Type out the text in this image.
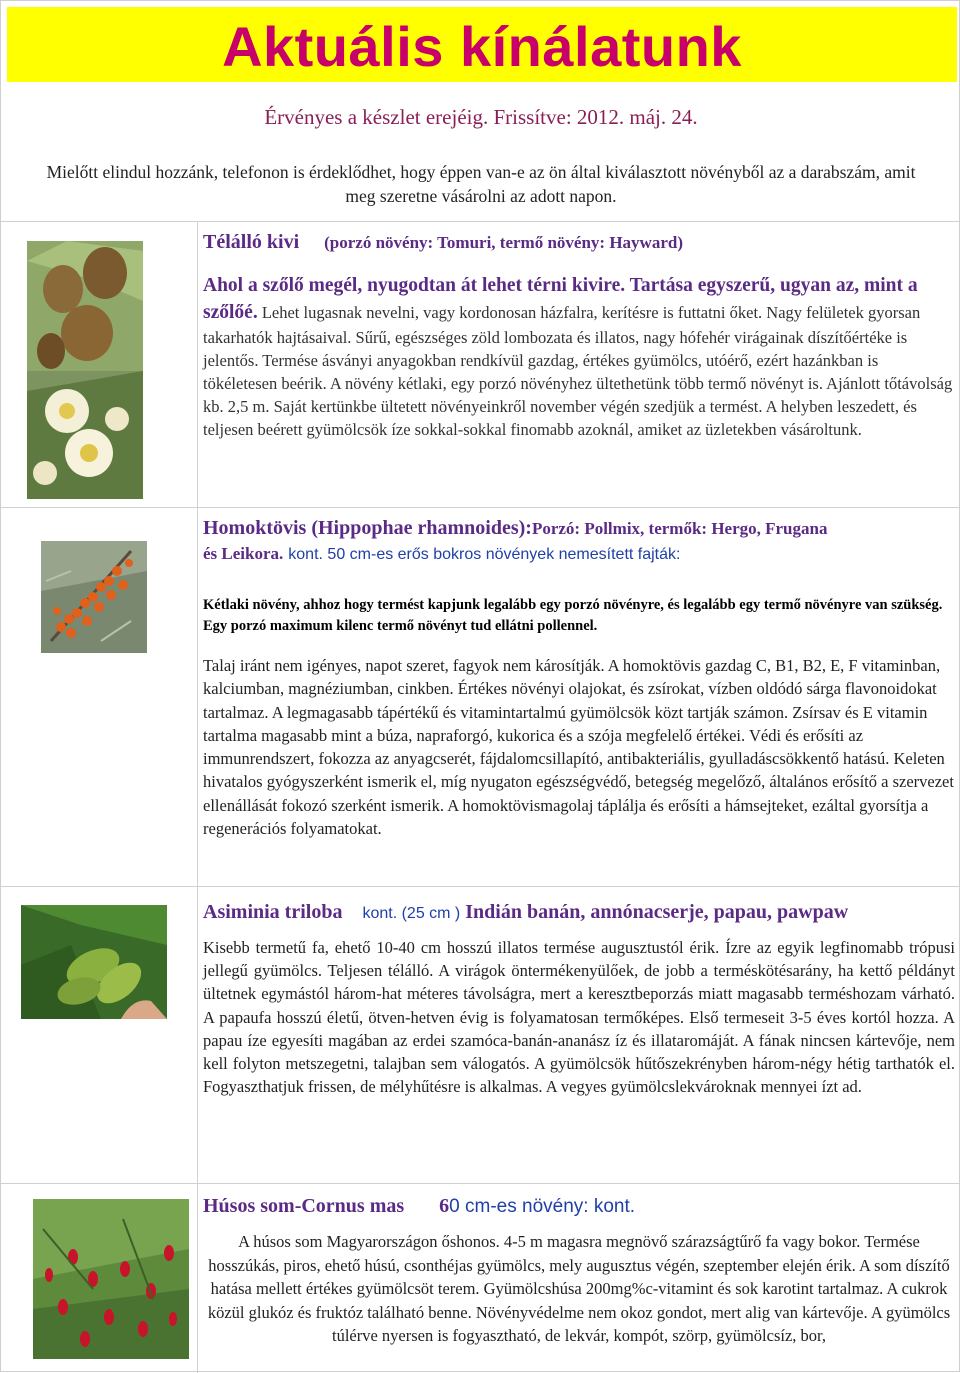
Aktuális kínálatunk
Érvényes a készlet erejéig. Frissítve: 2012. máj. 24.
Mielőtt elindul hozzánk, telefonon is érdeklődhet, hogy éppen van-e az ön által kiválasztott növényből az a darabszám, amit meg szeretne vásárolni az adott napon.
Télálló kivi (porzó növény: Tomuri, termő növény: Hayward)
Ahol a szőlő megél, nyugodtan át lehet térni kivire. Tartása egyszerű, ugyan az, mint a szőlőé. Lehet lugasnak nevelni, vagy kordonosan házfalra, kerítésre is futtatni őket. Nagy felületek gyorsan takarhatók hajtásaival. Sűrű, egészséges zöld lombozata és illatos, nagy hófehér virágainak díszítőértéke is jelentős. Termése ásványi anyagokban rendkívül gazdag, értékes gyümölcs, utóérő, ezért hazánkban is tökéletesen beérik. A növény kétlaki, egy porzó növényhez ültethetünk több termő növényt is. Ajánlott tőtávolság kb. 2,5 m. Saját kertünkbe ültetett növényeinkről november végén szedjük a termést. A helyben leszedett, és teljesen beérett gyümölcsök íze sokkal-sokkal finomabb azoknál, amiket az üzletekben vásároltunk.
Homoktövis (Hippophae rhamnoides):Porzó: Pollmix, termők: Hergo, Frugana
és Leikora. kont. 50 cm-es erős bokros növények nemesített fajták:
Kétlaki növény, ahhoz hogy termést kapjunk legalább egy porzó növényre, és legalább egy termő növényre van szükség. Egy porzó maximum kilenc termő növényt tud ellátni pollennel.
Talaj iránt nem igényes, napot szeret, fagyok nem károsítják. A homoktövis gazdag C, B1, B2, E, F vitaminban, kalciumban, magnéziumban, cinkben. Értékes növényi olajokat, és zsírokat, vízben oldódó sárga flavonoidokat tartalmaz. A legmagasabb tápértékű és vitamintartalmú gyümölcsök közt tartják számon. Zsírsav és E vitamin tartalma magasabb mint a búza, napraforgó, kukorica és a szója megfelelő értékei. Védi és erősíti az immunrendszert, fokozza az anyagcserét, fájdalomcsillapító, antibakteriális, gyulladáscsökkentő hatású. Keleten hivatalos gyógyszerként ismerik el, míg nyugaton egészségvédő, betegség megelőző, általános erősítő a szervezet ellenállását fokozó szerként ismerik. A homoktövismagolaj táplálja és erősíti a hámsejteket, ezáltal gyorsítja a regenerációs folyamatokat.
Asiminia triloba kont. (25 cm ) Indián banán, annónacserje, papau, pawpaw
Kisebb termetű fa, ehető 10-40 cm hosszú illatos termése augusztustól érik. Ízre az egyik legfinomabb trópusi jellegű gyümölcs. Teljesen télálló. A virágok öntermékenyülőek, de jobb a terméskötésarány, ha kettő példányt ültetnek egymástól három-hat méteres távolságra, mert a keresztbeporzás miatt magasabb terméshozam várható. A papaufa hosszú életű, ötven-hetven évig is folyamatosan termőképes. Első termeseit 3-5 éves kortól hozza. A papau íze egyesíti magában az erdei szamóca-banán-ananász íz és illataromáját. A fának nincsen kártevője, nem kell folyton metszegetni, talajban sem válogatós. A gyümölcsök hűtőszekrényben három-négy hétig tarthatók el. Fogyaszthatjuk frissen, de mélyhűtésre is alkalmas. A vegyes gyümölcslekvároknak mennyei ízt ad.
Húsos som-Cornus mas 60 cm-es növény: kont.
A húsos som Magyarországon őshonos. 4-5 m magasra megnövő szárazságtűrő fa vagy bokor. Termése hosszúkás, piros, ehető húsú, csonthéjas gyümölcs, mely augusztus végén, szeptember elején érik. A som díszítő hatása mellett értékes gyümölcsöt terem. Gyümölcshúsa 200mg%c-vitamint és sok karotint tartalmaz. A cukrok közül glukóz és fruktóz található benne. Növényvédelme nem okoz gondot, mert alig van kártevője. A gyümölcs túlérve nyersen is fogyasztható, de lekvár, kompót, szörp, gyümölcsíz, bor,
